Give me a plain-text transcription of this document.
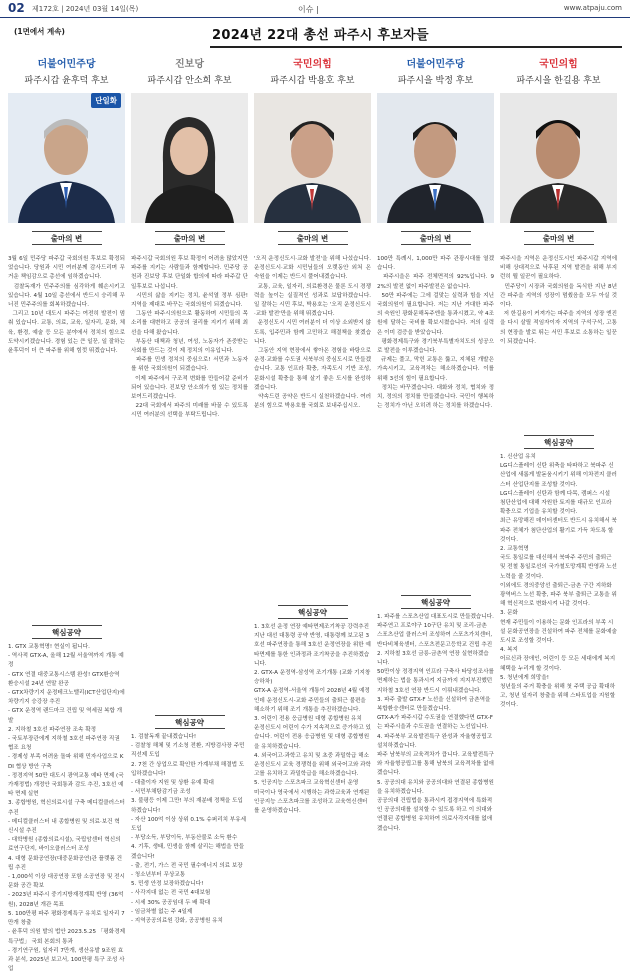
02 제172호 | 2024년 03월 14일(목)	이슈 |	www.atpaju.com
(1면에서 계속)	2024년 22대 총선 파주시 후보자들
더불어민주당
파주시갑 윤후덕 후보
단일화
출마의 변
3월 6일 민주당 파주갑 국회의원 후보로 확정되었습니다. 당원과 시민 여러분께 감사드리며 무거운 책임감으로 총선에 임하겠습니다.
검찰독재가 민주주의를 심각하게 훼손시키고 있습니다. 4월 10일 총선에서 반드시 승리해 무너진 민주주의를 회복하겠습니다.
그리고 10년 대도시 파주는 여전히 발전이 멈춰 있습니다. 교통, 의료, 교육, 일자리, 문화, 체육, 환경, 예술 등 모든 분야에서 정치의 힘으로 도약시키겠습니다. 경험 있는 큰 일꾼, 일 잘하는 윤후덕이 더 큰 파주를 위해 힘껏 뛰겠습니다.
핵심공약
1. GTX 교통혁명! 현실이 됩니다.
- 역사적 GTX-A, 올해 12월 서울역까지 개통 예정
- GTX 연결 대중교통시스템 완성! GTX환승역 환승시설 24년 연말 완공
- GTX차량기지 운정테크노밸리(ICT산업단지)에 차량기지 승강장 추진
- GTX 운정역 랜드마크 건립 및 역세권 복합 개발
2. 지하철 3호선 파주연장 조속 확정
- 국토부장관에게 지하철 3호선 파주연장 직권 협조 요청
- 경제성 부족 어려움 돌파 위해 민자사업으로 KDI 협상 방안 구축
- 정경지역 50만 대도시 광역교통 예타 면제 (국가재정법) 개정안 국회통과 감도 추진, 3호선 예타 면제 실현
3. 종합병원, 혁신의료시설 구축 메디컬클러스터 추진
- 메디컬클러스터 내 종합병원 및 의료·보건 혁신시설 추진
- 대학병원 (종합의료시설), 국립암센터 혁신의료연구단지, 바이오클러스터 조성
4. 대형 문화공연장(대중문화공연)관 플랫폼 건립 추진
- 1,000석 이상 대공연장 포함 소공연장 및 전시 문화 공간 확보
- 2023년 파주시 중기지방재정계획 반영 (36억원), 2028년 개관 목표
5. 100만평 파주 평화경제특구 유치로 일자리 7만개 창출
- 윤후덕 의원 발의 법안 2023.5.25 「평화경제특구법」 국회 본회의 통과
- 경기연구원, 일자리 7만개, 생산유발 9조원 효과 분석, 2025년 보고서, 100만평 특구 조성 사업
진보당
파주시갑 안소희 후보
출마의 변
파주시갑 국회의원 후보 확정이 어려움 많았지만 파주를 지키는 사람들과 함께합니다. 민주당 공천과 진보당 후보 단일화 합의에 따라 파주갑 단일후보로 나섭니다.
시민의 삶을 지키는 정치, 윤석열 정부 심판! 지역을 제대로 바꾸는 국회의원이 되겠습니다.
그동안 파주시의원으로 활동하며 시민들의 목소리를 대변하고 공공의 권리를 지키기 위해 최선을 다해 왔습니다.
부동산 대책과 청년, 여성, 노동자가 존중받는 사회를 만드는 것이 제 정치의 이유입니다.
파주를 민생 정치의 중심으로! 서민과 노동자를 위한 국회의원이 되겠습니다.
이제 파주에서 구조적 변화를 만들어갈 준비가 되어 있습니다. 진보당 안소희가 힘 있는 정치를 보여드리겠습니다.
22대 국회에서 파주의 미래를 바꿀 수 있도록 시민 여러분의 선택을 부탁드립니다.
핵심공약
1. 검찰독재 끝내겠습니다!
- 검찰청 해체 및 기소청 전환, 지방검사장 주민직선제 도입
2. 7천 간 상업으로 확인한 가계부채 해결법 도입하겠습니다!
- 대출이자 지원 및 상환 유예 확대
- 서민부채탕감기금 조성
3. 불평등 이제 그만! 부의 재분배 정책을 도입하겠습니다!
- 자산 100억 이상 상위 0.1% 슈퍼리치 부유세 도입
- 부당소득, 부당이득, 부동산불로 소득 환수
4. 기후, 생태, 민생을 함께 살리는 해법을 만들겠습니다!
- 출, 전기, 가스 전 국민 필수에너지 의료 보장
- 청소년부터 무상교통
5. 민생 안정 보장하겠습니다!
- 사각지대 없는 전 국민 4대보험
- 시세 30% 공공임대 두 배 확대
- 임금차별 없는 주 4일제
- 지역공공의료원 강화, 공공병원 유치
국민의힘
파주시갑 박용호 후보
출마의 변
'오직 운정신도시·교화 발전'을 위해 나섰습니다. 운정신도시·교화 시민님들의 오랫동안 외쳐 온 숙원을 이제는 반드시 풀어내겠습니다.
교통, 교육, 일자리, 의료환경은 물론 도시 경쟁력을 높이는 실질적인 성과로 보답하겠습니다. 일 잘하는 시민 후보, 박용호는 '오직 운정신도시·교화 발전'만을 위해 뛰겠습니다.
운정신도시 시민 여러분이 더 이상 소외받지 않도록, 입주민과 함께 고민하고 해결책을 찾겠습니다.
그동안 지역 현장에서 쌓아온 경험을 바탕으로 운정·교화를 수도권 서북부의 중심도시로 만들겠습니다. 교통 인프라 확충, 자족도시 기반 조성, 문화시설 확충을 통해 살기 좋은 도시를 완성하겠습니다.
약속드린 공약은 반드시 실천하겠습니다. 여러분의 힘으로 박용호를 국회로 보내주십시오.
핵심공약
1. 3호선 운정 연장 예타면제조기착공 강력추진
지난 대선 대통령 공약 반영, 대통령께 보고된 3호선 파주연장을 통해 3호선 운정연장을 위한 예타면제를 통한 인과정과 조기착공을 추진하겠습니다.
2. GTX-A 운정역-삼성역 조기개통 (교화 기지창 승하차)
GTX-A 운정역-서울역 개통이 2028년 4월 예정인데 운정신도시-교화 주민들의 출퇴근 불편을 해소하기 위해 조기 개통을 추진하겠습니다.
3. 어린이 전용 응급병원 대형 종합병원 유치
운정신도시 어린이 수가 지속적으로 증가하고 있습니다. 어린이 전용 응급병원 및 대형 종합병원을 유치하겠습니다.
4. 외국어고·과학고 유치 및 초중 과밀학급 해소
운정신도시 교육 경쟁력을 위해 외국어고와 과학고를 유치하고 과밀학급을 해소하겠습니다.
5. 인공지능 스포츠파크 교육혁신센터 운영
미국이나 영국에서 시행하는 과학교육과 연계된 인공지능 스포츠파크를 조성하고 교육혁신센터를 운영하겠습니다.
더불어민주당
파주시을 박정 후보
출마의 변
100만 특례시, 1,000만 파주 관광시대를 열겠습니다.
파주시을은 파주 전체면적의 92%입니다. 92%의 발전 없이 파주발전은 없습니다.
50만 파주에는 그에 걸맞는 실력과 힘을 지닌 국회의원이 필요합니다. 저는 지난 거대한 파주의 숙원인 광화문해독주엔을 통과시켰고, 약 4조원에 달하는 국비를 확보시켰습니다. 저의 실력은 이미 검증을 받았습니다.
평화경제특구와 경기북부특별자치도의 성공으로 발전을 이루겠습니다.
규제는 풀고, 막힌 교통은 뚫고, 지체된 개발은 가속시키고, 교육격차는 해소하겠습니다. 이를 위해 3선의 힘이 필요합니다.
정치는 바꾸겠습니다. 대화와 정치, 협치와 정치, 정의의 정치를 만들겠습니다. 국민이 행복하는 정치가 아닌 오히려 하는 정치를 하겠습니다.
핵심공약
1. 파주를 스포츠산업 대표도시로 만들겠습니다.
파주연고 프로야구 10구단 유치 및 조리-금촌 스포츠산업 클러스터 조성하여 스포츠가치센터, 반다비체육센터, 스포츠전문고등학교 건립 추진
2. 지하철 3호선 금릉-금촌역 연장 실현하겠습니다.
50만이상 정경지역 인프라 구축사 타당성조사를 면제하는 법을 통과시켜 지금까지 지지부진했던 지하철 3호선 연장 반드시 이뤄내겠습니다.
3. 파주 출발 GTX-F 노선을 신설하여 금촌역을 복합환승센터로 만들겠습니다.
GTX-A가 파주시갑 수도권을 연결했다면 GTX-F는 파주시을과 수도권을 연결하는 노선입니다.
4. 파주북부 교육발전특구 완성과 자율형공립고 설치하겠습니다.
파주 남북부의 교육격차가 큽니다. 교육발전특구와 자율형공립고를 통해 남북의 교육격차를 없애겠습니다.
5. 공공의대 유치와 공공의대와 연결된 종합병원을 유치하겠습니다.
공공의대 건립법을 통과시켜 접경지역에 특화적인 공공의대를 설치할 수 있도록 하고 이 의대와 연결된 종합병원 유치하여 의료사각지대를 없애겠습니다.
국민의힘
파주시을 한길용 후보
출마의 변
파주시을 지역은 운정신도시인 파주시갑 지역에 비해 상대적으로 낙후된 지역 발전을 위해 부지런히 뛸 일꾼이 필요하다.
민주당이 시장과 국회의원을 독식한 지난 8년간 파주을 지역의 성장이 멈췄음을 모두 아실 것이다.
저 한길용이 커져가는 파주을 지역의 성장 엔진을 다시 살릴 적임자이자 지역의 구석구석, 고통의 현장을 발로 뛰는 서민 후보로 소통하는 일꾼이 되겠습니다.
핵심공약
1. 신산업 유치
LG디스플레이 신탄 위축을 타파하고 북파주 신산업에 새롭게 발돋움시키기 위해 이차전지 클러스터 산업단지를 조성할 것이다.
LG디스플레이 신탄과 함께 다목, 캠퍼스 시설 첨단산업에 대해 자원한 토지를 대규모 인프라 확충으로 기업을 유치할 것이다.
최근 유망해진 데이터센터도 반드시 유치해서 북파주 전체가 첨단산업의 활기로 가득 차도록 할 것이다.
2. 교통혁명
국도 통일로를 대신해서 북파주 주민의 출퇴근 및 전철 통일로선의 국가철도망계획 반영과 노선 노력을 줄 것이다.
이외에도 경의중앙선 출퇴근-금촌 구간 지하화 광역버스 노선 확충, 파주 북부 출퇴근 교통을 위해 혁신적으로 변화시켜 나갈 것이다.
3. 문화
현재 주민들이 이용하는 문화 인프라의 부족 시설 문화공연장을 건설하여 파주 전체를 문화예술도시로 조성할 것이다.
4. 복지
어르신과 장애인, 어린이 등 모든 세대에게 복지 혜택을 누리게 할 것이다.
5. 청년에게 희망을!
청년들의 주거 확충을 위해 첫 주택 공급 확대하고, 청년 일자리 창출을 위해 스타트업을 지원할 것이다.
